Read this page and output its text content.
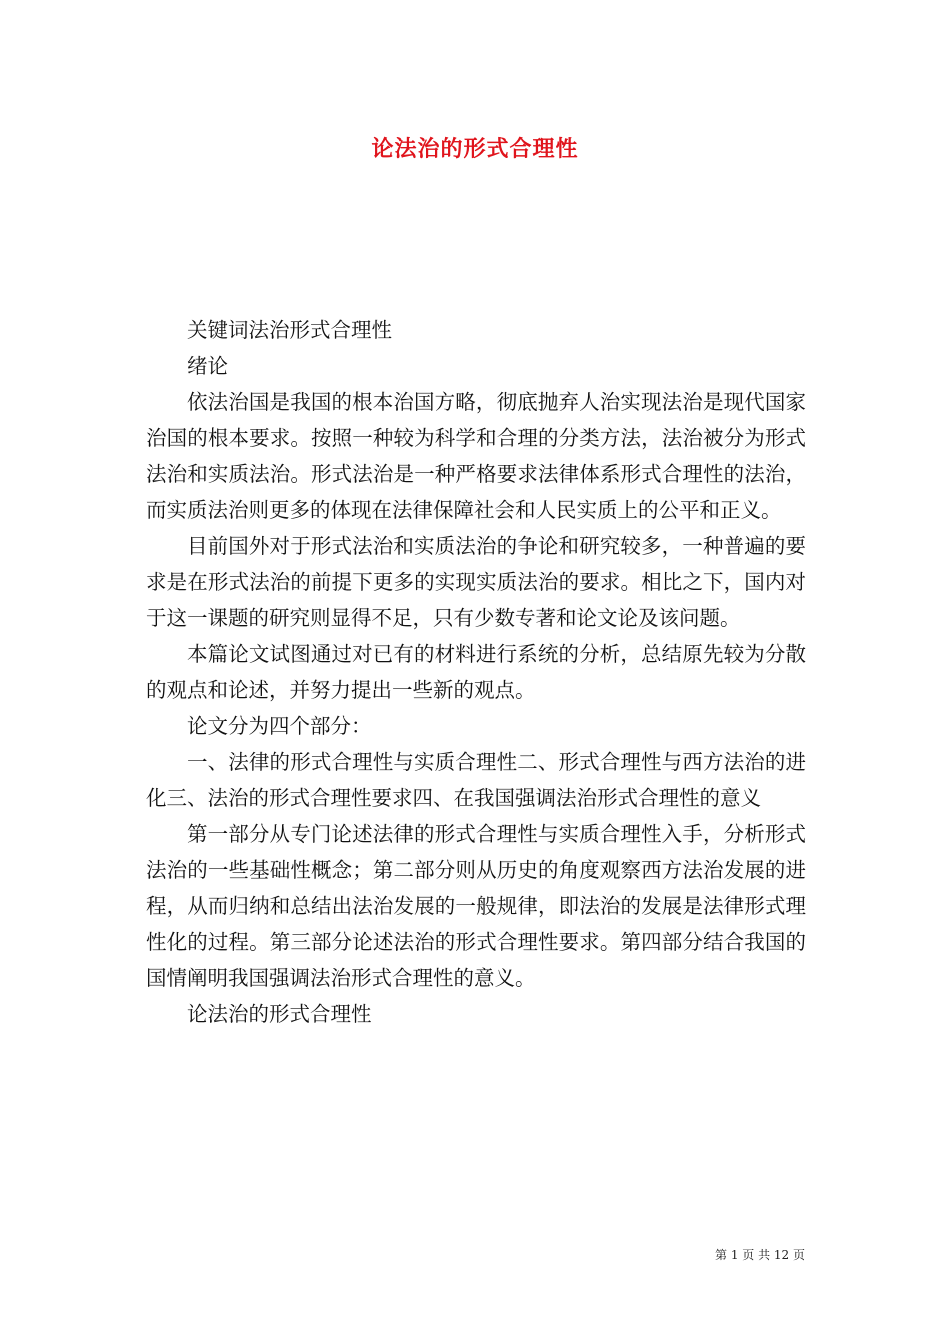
论法治的形式合理性

关键词法治形式合理性

绪论

依法治国是我国的根本治国方略，彻底抛弃人治实现法治是现代国家治国的根本要求。按照一种较为科学和合理的分类方法，法治被分为形式法治和实质法治。形式法治是一种严格要求法律体系形式合理性的法治，而实质法治则更多的体现在法律保障社会和人民实质上的公平和正义。

目前国外对于形式法治和实质法治的争论和研究较多，一种普遍的要求是在形式法治的前提下更多的实现实质法治的要求。相比之下，国内对于这一课题的研究则显得不足，只有少数专著和论文论及该问题。

本篇论文试图通过对已有的材料进行系统的分析，总结原先较为分散的观点和论述，并努力提出一些新的观点。

论文分为四个部分：

一、法律的形式合理性与实质合理性二、形式合理性与西方法治的进化三、法治的形式合理性要求四、在我国强调法治形式合理性的意义

第一部分从专门论述法律的形式合理性与实质合理性入手，分析形式法治的一些基础性概念；第二部分则从历史的角度观察西方法治发展的进程，从而归纳和总结出法治发展的一般规律，即法治的发展是法律形式理性化的过程。第三部分论述法治的形式合理性要求。第四部分结合我国的国情阐明我国强调法治形式合理性的意义。

论法治的形式合理性

第 1 页 共 12 页
